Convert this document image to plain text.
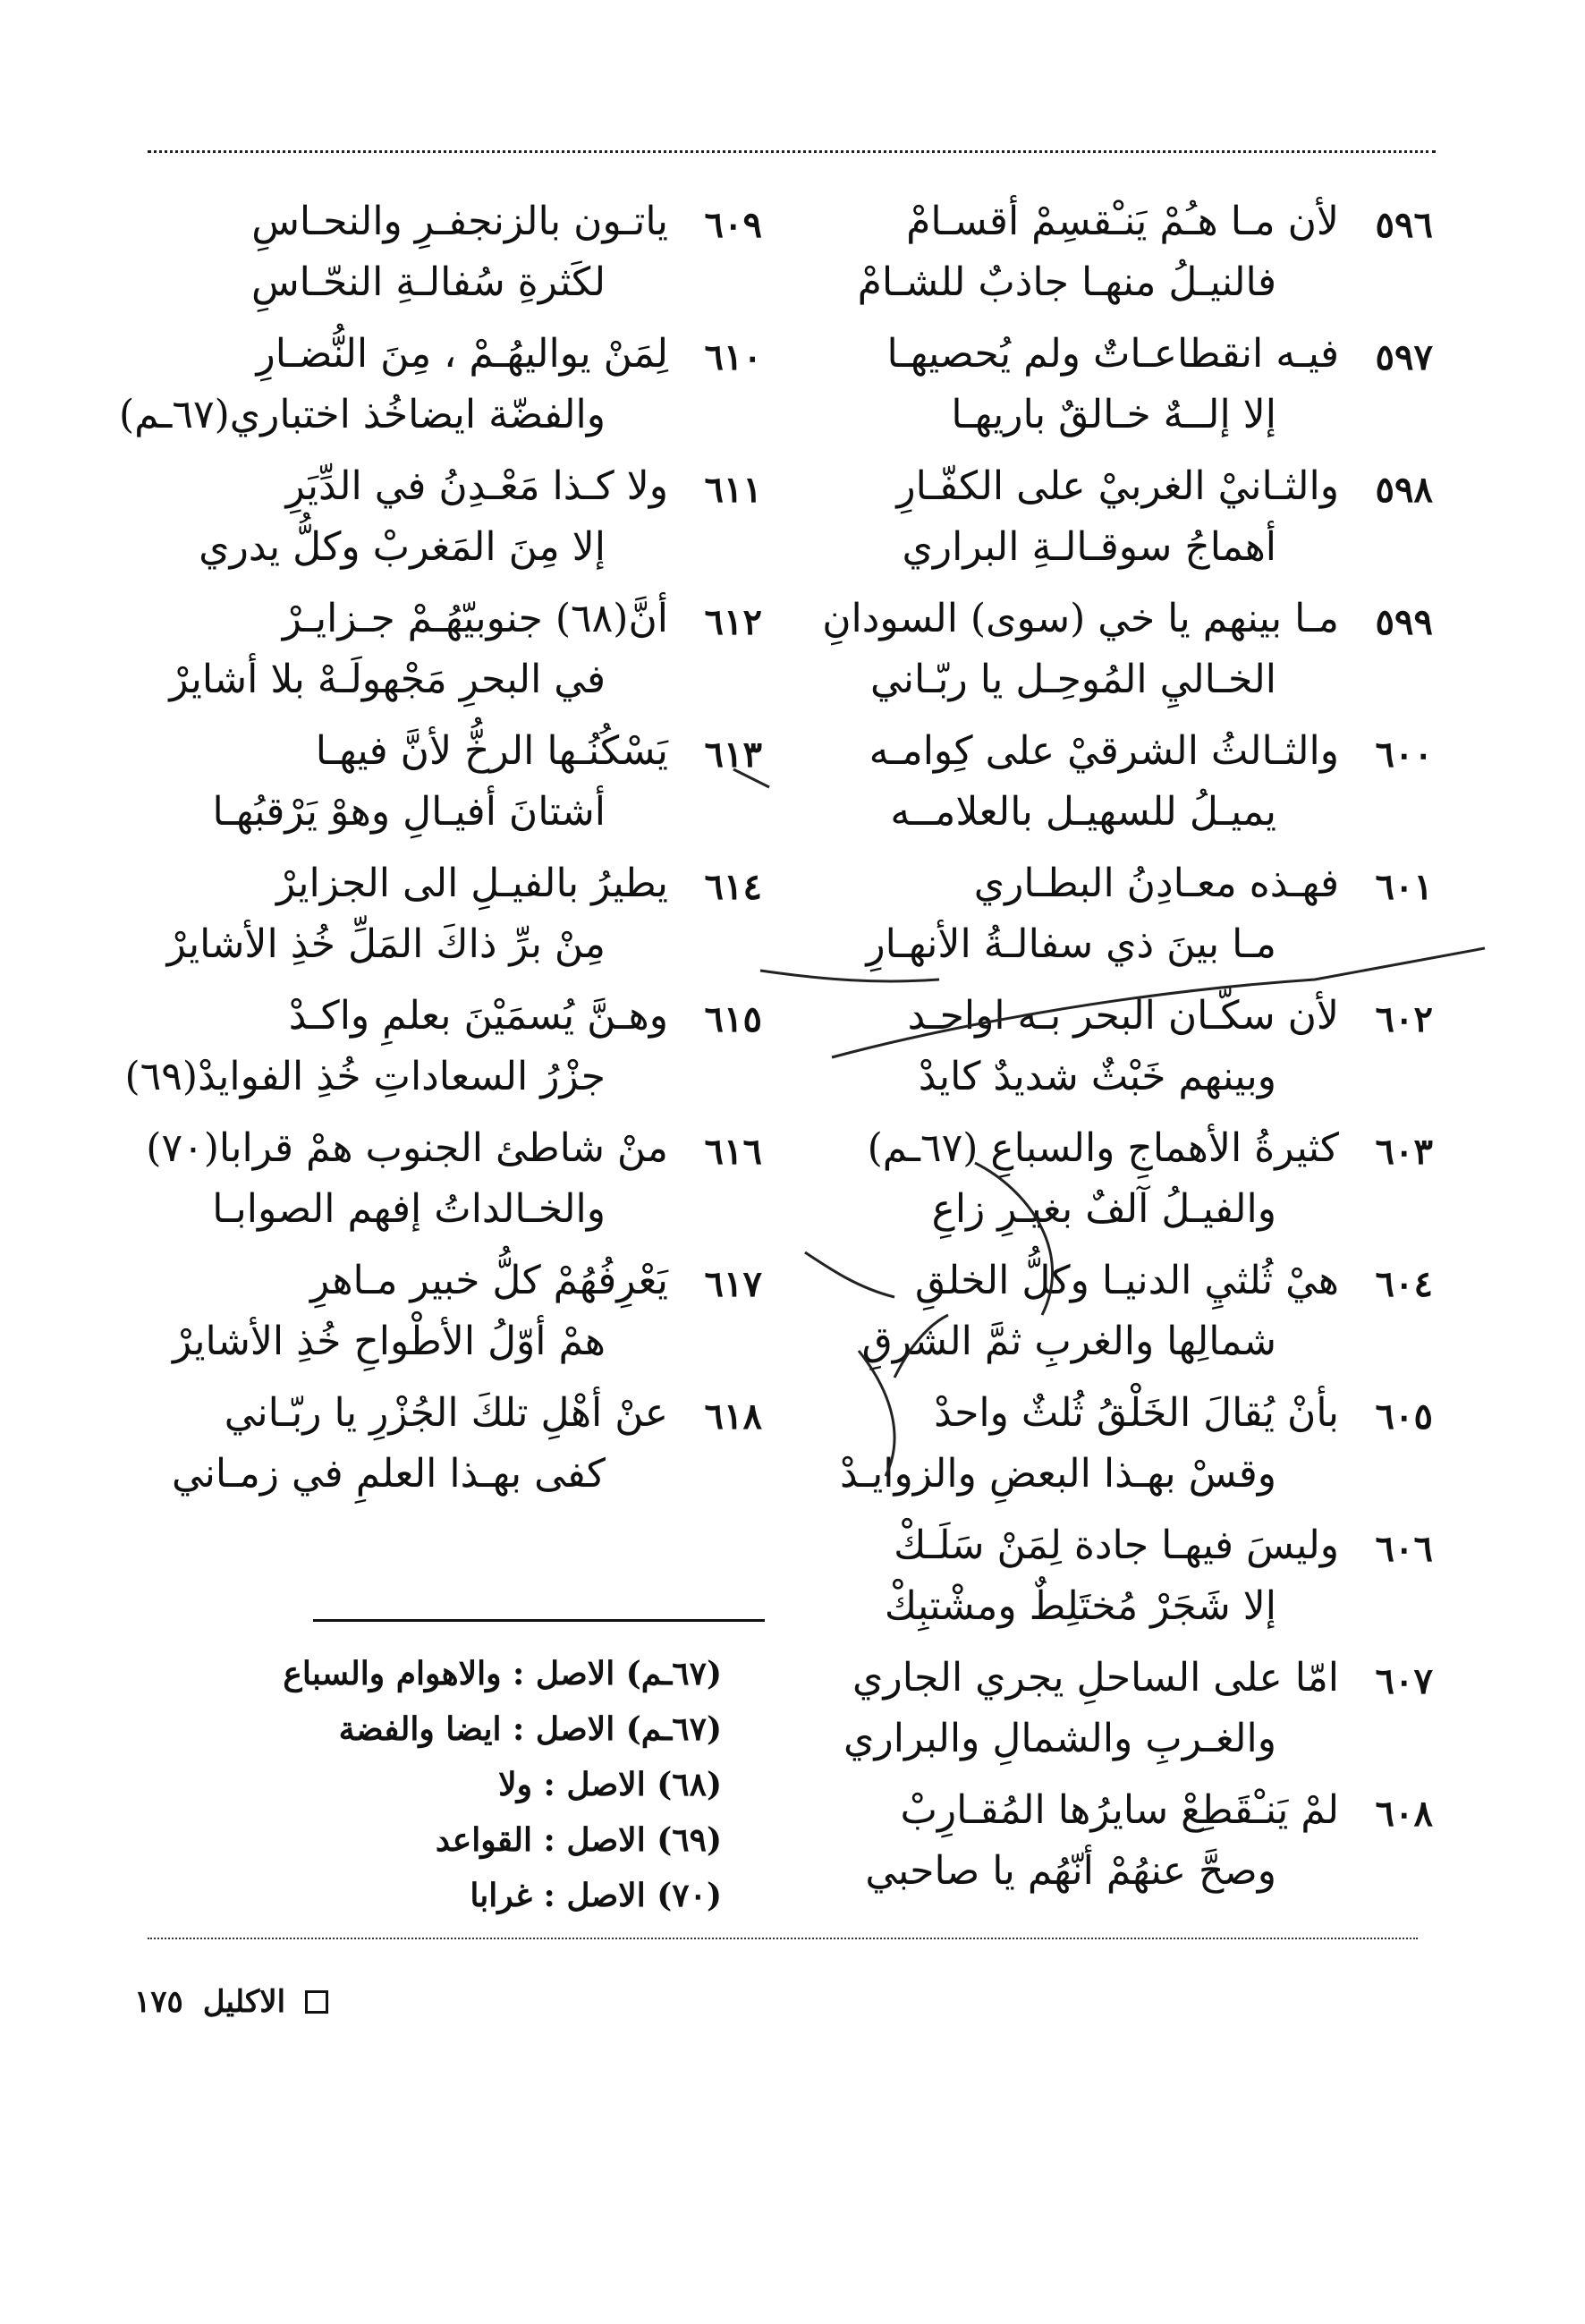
٥٩٦
لأن مـا هـُمْ يَنـْقسِمْ أقسـامْ
فالنيـلُ منهـا جاذبٌ للشـامْ
٥٩٧
فيـه انقطاعـاتٌ ولم يُحصيهـا
إلا إلــهٌ خـالقٌ باريهـا
٥٩٨
والثـانيْ الغربيْ على الكفّـارِ
أهماجُ سوقـالـةِ البراري
٥٩٩
مـا بينهم يا خي (سوى) السودانِ
الخـاليِ المُوحِـل يا ربّـاني
٦٠٠
والثـالثُ الشرقيْ على كِوامـه
يميـلُ للسهيـل بالعلامــه
٦٠١
فهـذه معـادِنُ البطـاري
مـا بينَ ذي سفالـةُ الأنهـارِ
٦٠٢
لأن سكّـان البحر بـه اواحـد
وبينهم خَبْثٌ شديدٌ كايدْ
٦٠٣
كثيرةُ الأهماجِ والسباعِ (٦٧ـم)
والفيـلُ آلفٌ بغيـرِ زاعِ
٦٠٤
هيْ ثُلثيِ الدنيـا وكلُّ الخلقِ
شمالِها والغربِ ثمَّ الشرقِ
٦٠٥
بأنْ يُقالَ الخَلْقُ ثُلثٌ واحدْ
وقسْ بهـذا البعضِ والزوايـدْ
٦٠٦
وليسَ فيهـا جادة لِمَنْ سَلَـكْ
إلا شَجَرْ مُختَلِطٌ ومشْتبِكْ
٦٠٧
امّا على الساحلِ يجري الجاري
والغـربِ والشمالِ والبراري
٦٠٨
لمْ يَنـْقَطِعْ سايرُها المُقـارِبْ
وصحَّ عنهُمْ أنّهُم يا صاحبي
٦٠٩
ياتـون بالزنجفـرِ والنحـاسِ
لكَثرةِ سُفالـةِ النحّـاسِ
٦١٠
لِمَنْ يواليهُـمْ ، مِنَ النُّضـارِ
والفضّة ايضاخُذ اختباري(٦٧ـم)
٦١١
ولا كـذا مَعْـدِنُ في الدِّيَرِ
إلا مِنَ المَغربْ وكلُّ يدري
٦١٢
أنَّ(٦٨) جنوبيّهُـمْ جـزايـرْ
في البحرِ مَجْهولَـهْ بلا أشايرْ
٦١٣
يَسْكُنُـها الرخُّ لأنَّ فيهـا
أشتانَ أفيـالِ وهوْ يَرْقبُهـا
٦١٤
يطيرُ بالفيـلِ الى الجزايرْ
مِنْ برِّ ذاكَ المَلِّ خُذِ الأشايرْ
٦١٥
وهـنَّ يُسمَيْنَ بعلمِ واكـدْ
جزْرُ السعاداتِ خُذِ الفوايدْ(٦٩)
٦١٦
منْ شاطئ الجنوب همْ قرابا(٧٠)
والخـالداتُ إفهم الصوابـا
٦١٧
يَعْرِفُهُمْ كلُّ خبير مـاهرِ
همْ أوّلُ الأطْواحِ خُذِ الأشايرْ
٦١٨
عنْ أهْلِ تلكَ الجُزْرِ يا ربّـاني
كفى بهـذا العلمِ في زمـاني
(٦٧ـم) الاصل : والاهوام والسباع
(٦٧ـم) الاصل : ايضا والفضة
(٦٨) الاصل : ولا
(٦٩) الاصل : القواعد
(٧٠) الاصل : غرابا
الاكليل
١٧٥
